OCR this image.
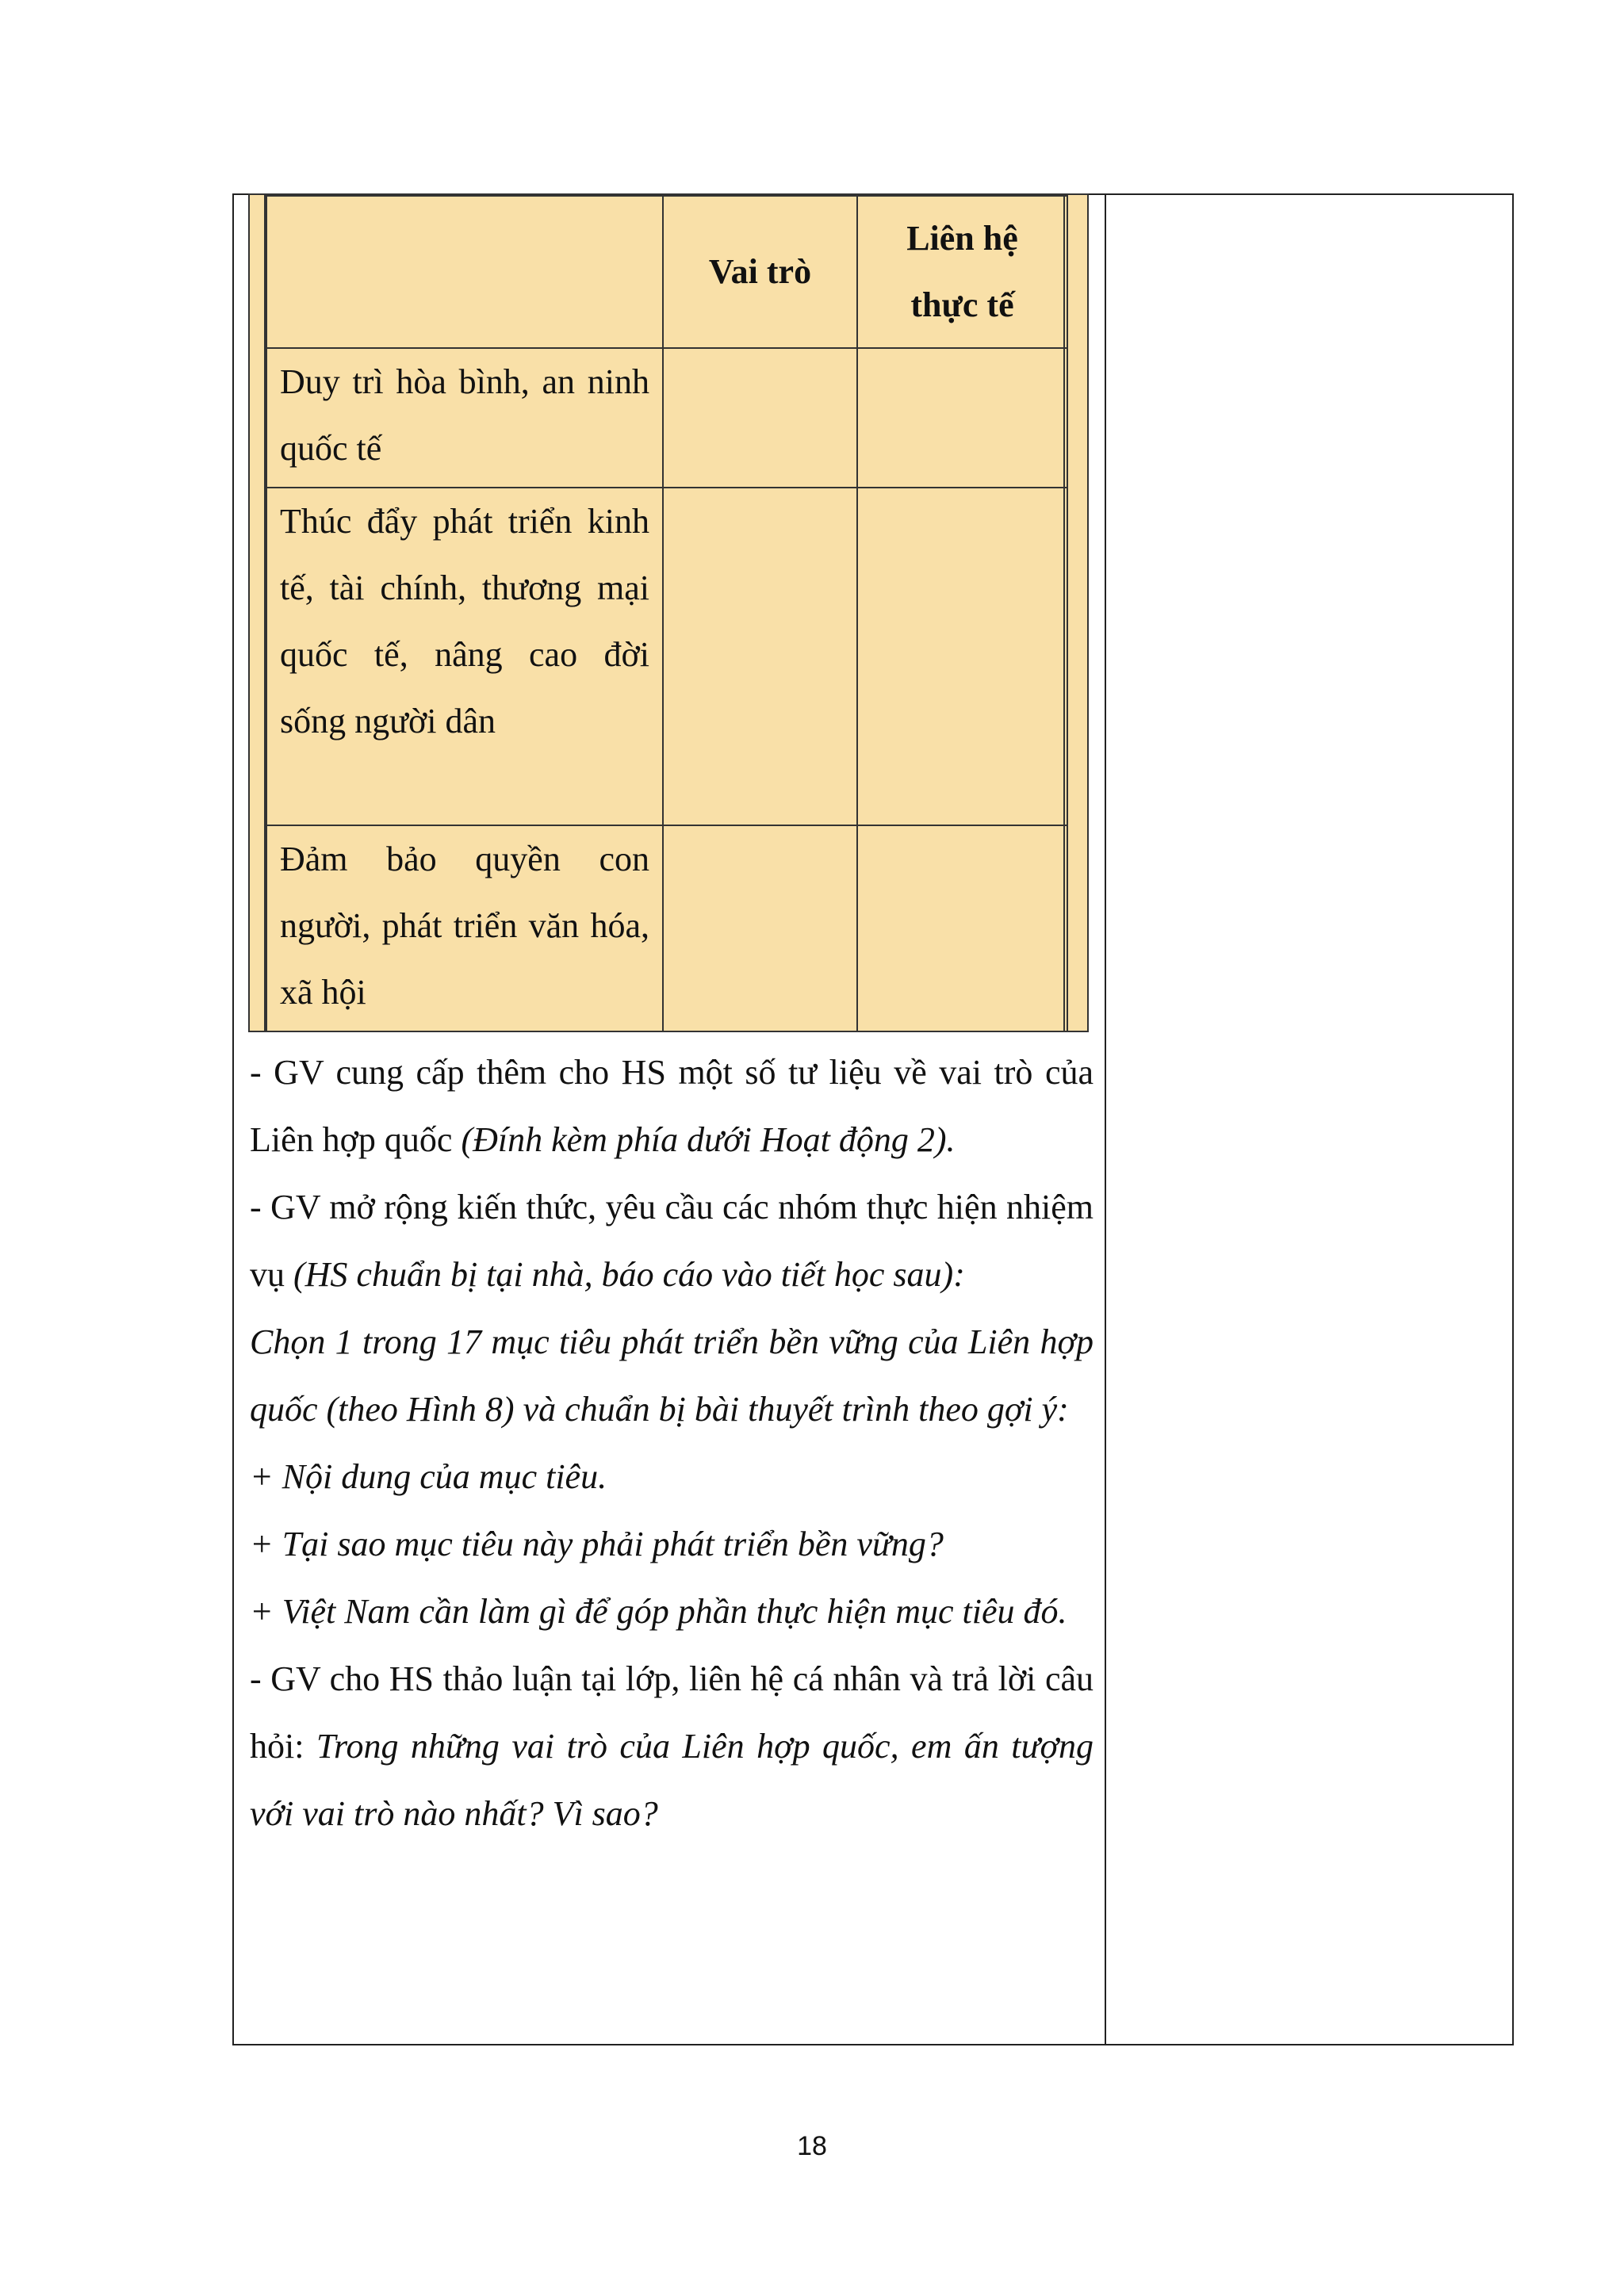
	Vai trò	Liên hệ
thực tế
Duy trì hòa bình, an ninh quốc tế		
Thúc đẩy phát triển kinh tế, tài chính, thương mại quốc tế, nâng cao đời sống người dân		
Đảm bảo quyền con người, phát triển văn hóa, xã hội		

- GV cung cấp thêm cho HS một số tư liệu về vai trò của Liên hợp quốc (Đính kèm phía dưới Hoạt động 2).

- GV mở rộng kiến thức, yêu cầu các nhóm thực hiện nhiệm vụ (HS chuẩn bị tại nhà, báo cáo vào tiết học sau):

Chọn 1 trong 17 mục tiêu phát triển bền vững của Liên hợp quốc (theo Hình 8) và chuẩn bị bài thuyết trình theo gợi ý:

+ Nội dung của mục tiêu.

+ Tại sao mục tiêu này phải phát triển bền vững?

+ Việt Nam cần làm gì để góp phần thực hiện mục tiêu đó.

- GV cho HS thảo luận tại lớp, liên hệ cá nhân và trả lời câu hỏi: Trong những vai trò của Liên hợp quốc, em ấn tượng với vai trò nào nhất? Vì sao?

18
